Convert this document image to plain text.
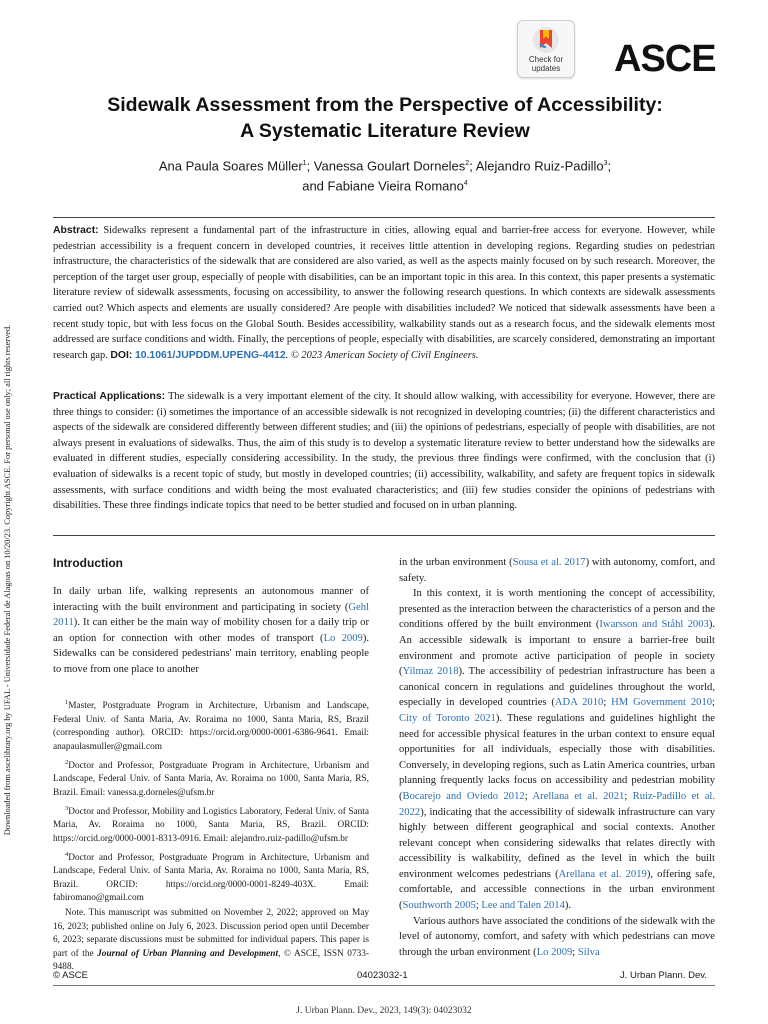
Check for
updates	ASCE
Sidewalk Assessment from the Perspective of Accessibility:
A Systematic Literature Review
Ana Paula Soares Müller$^1$; Vanessa Goulart Dorneles$^2$; Alejandro Ruiz-Padillo$^3$;
and Fabiane Vieira Romano$^4$
Downloaded from ascelibrary.org by UFAL - Universidade Federal de Alagoas on 10/20/23. Copyright ASCE. For personal use only; all rights reserved.
Abstract: Sidewalks represent a fundamental part of the infrastructure in cities, allowing equal and barrier-free access for everyone. However, while pedestrian accessibility is a frequent concern in developed countries, it receives little attention in developing regions. Regarding studies on pedestrian infrastructure, the characteristics of the sidewalk that are considered are also varied, as well as the aspects mainly focused on by such research. Moreover, the perception of the target user group, especially of people with disabilities, can be an important topic in this area. In this context, this paper presents a systematic literature review of sidewalk assessments, focusing on accessibility, to answer the following research questions. In which contexts are sidewalk assessments carried out? Which aspects and elements are usually considered? Are people with disabilities included? We noticed that sidewalk assessments have been a recent study topic, but with less focus on the Global South. Besides accessibility, walkability stands out as a research focus, and the sidewalk elements most addressed are surface conditions and width. Finally, the perceptions of people, especially with disabilities, are scarcely considered, demonstrating an important research gap. DOI: 10.1061/JUPDDM.UPENG-4412. © 2023 American Society of Civil Engineers.
Practical Applications: The sidewalk is a very important element of the city. It should allow walking, with accessibility for everyone. However, there are three things to consider: (i) sometimes the importance of an accessible sidewalk is not recognized in developing countries; (ii) the different characteristics and aspects of the sidewalk are considered differently between different studies; and (iii) the opinions of pedestrians, especially of people with disabilities, are not always present in evaluations of sidewalks. Thus, the aim of this study is to develop a systematic literature review to better understand how the sidewalks are evaluated in different studies, especially considering accessibility. In the study, the previous three findings were confirmed, with the conclusion that (i) evaluation of sidewalks is a recent topic of study, but mostly in developed countries; (ii) accessibility, walkability, and safety are frequent topics in sidewalk assessments, with surface conditions and width being the most evaluated characteristics; and (iii) few studies consider the opinions of pedestrians with disabilities. These three findings indicate topics that need to be better studied and focused on in urban planning.
Introduction

In daily urban life, walking represents an autonomous manner of interacting with the built environment and participating in society (Gehl 2011). It can either be the main way of mobility chosen for a daily trip or an option for connection with other modes of transport (Lo 2009). Sidewalks can be considered pedestrians' main territory, enabling people to move from one place to another

$^1$Master, Postgraduate Program in Architecture, Urbanism and Landscape, Federal Univ. of Santa Maria, Av. Roraima no 1000, Santa Maria, RS, Brazil (corresponding author). ORCID: https://orcid.org/0000-0001-6386-9641. Email: anapaulasmuller@gmail.com

$^2$Doctor and Professor, Postgraduate Program in Architecture, Urbanism and Landscape, Federal Univ. of Santa Maria, Av. Roraima no 1000, Santa Maria, RS, Brazil. Email: vanessa.g.dorneles@ufsm.br

$^3$Doctor and Professor, Mobility and Logistics Laboratory, Federal Univ. of Santa Maria, Av. Roraima no 1000, Santa Maria, RS, Brazil. ORCID: https://orcid.org/0000-0001-8313-0916. Email: alejandro.ruiz-padillo@ufsm.br

$^4$Doctor and Professor, Postgraduate Program in Architecture, Urbanism and Landscape, Federal Univ. of Santa Maria, Av. Roraima no 1000, Santa Maria, RS, Brazil. ORCID: https://orcid.org/0000-0001-8249-403X. Email: fabiromano@gmail.com

Note. This manuscript was submitted on November 2, 2022; approved on May 16, 2023; published online on July 6, 2023. Discussion period open until December 6, 2023; separate discussions must be submitted for individual papers. This paper is part of the Journal of Urban Planning and Development, © ASCE, ISSN 0733-9488.

in the urban environment (Sousa et al. 2017) with autonomy, comfort, and safety.

In this context, it is worth mentioning the concept of accessibility, presented as the interaction between the characteristics of a person and the conditions offered by the built environment (Iwarsson and Ståhl 2003). An accessible sidewalk is important to ensure a barrier-free built environment and promote active participation of people in society (Yilmaz 2018). The accessibility of pedestrian infrastructure has been a canonical concern in regulations and guidelines throughout the world, especially in developed countries (ADA 2010; HM Government 2010; City of Toronto 2021). These regulations and guidelines highlight the need for accessible physical features in the urban context to ensure equal opportunities for all individuals, especially those with disabilities. Conversely, in developing regions, such as Latin America countries, urban planning frequently lacks focus on accessibility and pedestrian mobility (Bocarejo and Oviedo 2012; Arellana et al. 2021; Ruiz-Padillo et al. 2022), indicating that the accessibility of sidewalk infrastructure can vary highly between different geographical and social contexts. Another relevant concept when considering sidewalks that relates directly with accessibility is walkability, defined as the level in which the built environment welcomes pedestrians (Arellana et al. 2019), offering safe, comfortable, and accessible connections in the urban environment (Southworth 2005; Lee and Talen 2014).

Various authors have associated the conditions of the sidewalk with the level of autonomy, comfort, and safety with which pedestrians can move through the urban environment (Lo 2009; Silva

© ASCE	04023032-1	J. Urban Plann. Dev.
J. Urban Plann. Dev., 2023, 149(3): 04023032
